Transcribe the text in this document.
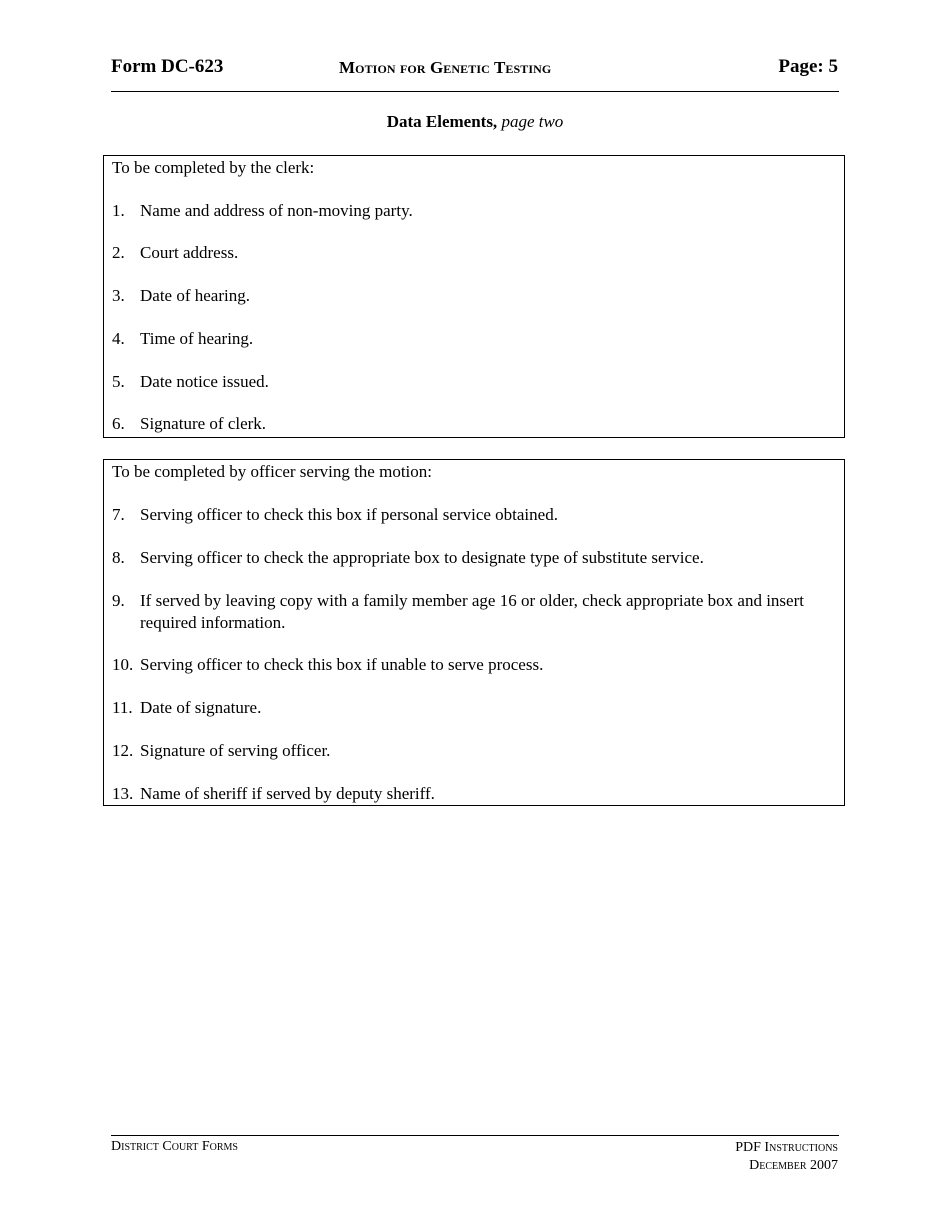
Form DC-623	Motion for Genetic Testing	Page: 5
Data Elements, page two
To be completed by the clerk:
1. Name and address of non-moving party.
2. Court address.
3. Date of hearing.
4. Time of hearing.
5. Date notice issued.
6. Signature of clerk.
To be completed by officer serving the motion:
7. Serving officer to check this box if personal service obtained.
8. Serving officer to check the appropriate box to designate type of substitute service.
9. If served by leaving copy with a family member age 16 or older, check appropriate box and insert required information.
10. Serving officer to check this box if unable to serve process.
11. Date of signature.
12. Signature of serving officer.
13. Name of sheriff if served by deputy sheriff.
District Court Forms	PDF Instructions
December 2007
